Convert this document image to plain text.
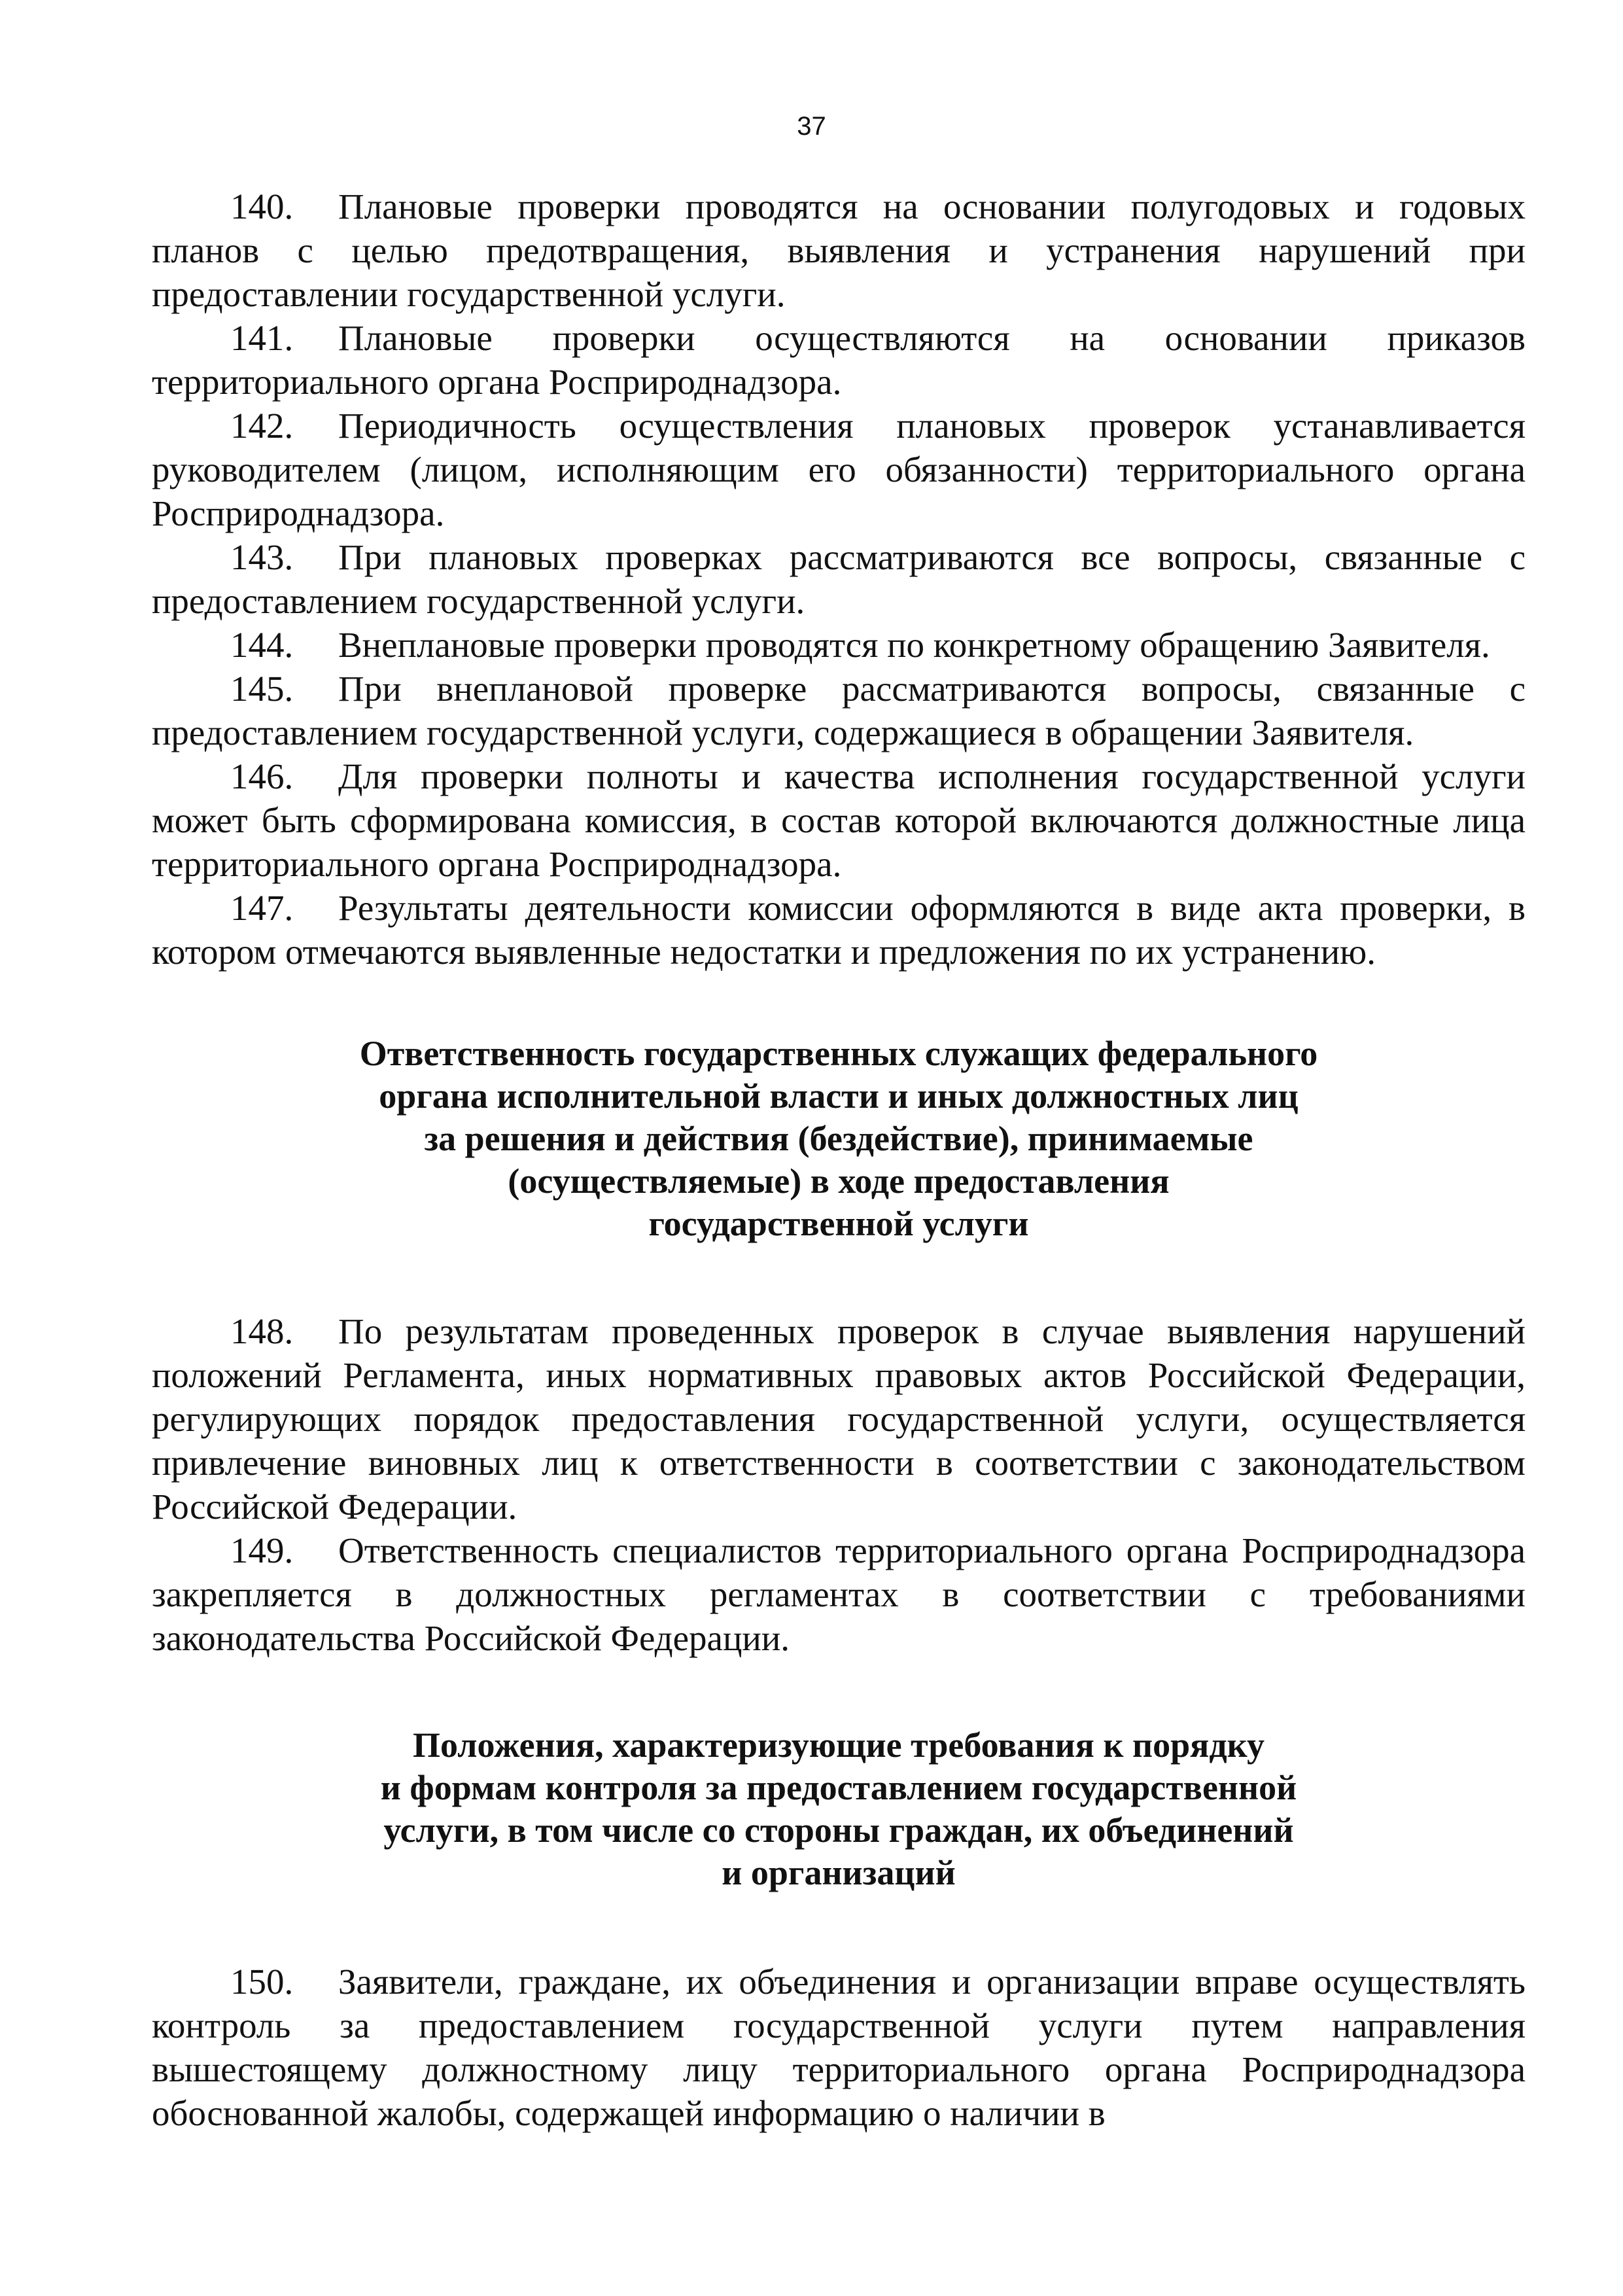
37

140. Плановые проверки проводятся на основании полугодовых и годовых планов с целью предотвращения, выявления и устранения нарушений при предоставлении государственной услуги.

141. Плановые проверки осуществляются на основании приказов территориального органа Росприроднадзора.

142. Периодичность осуществления плановых проверок устанавливается руководителем (лицом, исполняющим его обязанности) территориального органа Росприроднадзора.

143. При плановых проверках рассматриваются все вопросы, связанные с предоставлением государственной услуги.

144. Внеплановые проверки проводятся по конкретному обращению Заявителя.

145. При внеплановой проверке рассматриваются вопросы, связанные с предоставлением государственной услуги, содержащиеся в обращении Заявителя.

146. Для проверки полноты и качества исполнения государственной услуги может быть сформирована комиссия, в состав которой включаются должностные лица территориального органа Росприроднадзора.

147. Результаты деятельности комиссии оформляются в виде акта проверки, в котором отмечаются выявленные недостатки и предложения по их устранению.

Ответственность государственных служащих федерального
органа исполнительной власти и иных должностных лиц
за решения и действия (бездействие), принимаемые
(осуществляемые) в ходе предоставления
государственной услуги

148. По результатам проведенных проверок в случае выявления нарушений положений Регламента, иных нормативных правовых актов Российской Федерации, регулирующих порядок предоставления государственной услуги, осуществляется привлечение виновных лиц к ответственности в соответствии с законодательством Российской Федерации.

149. Ответственность специалистов территориального органа Росприроднадзора закрепляется в должностных регламентах в соответствии с требованиями законодательства Российской Федерации.

Положения, характеризующие требования к порядку
и формам контроля за предоставлением государственной
услуги, в том числе со стороны граждан, их объединений
и организаций

150. Заявители, граждане, их объединения и организации вправе осуществлять контроль за предоставлением государственной услуги путем направления вышестоящему должностному лицу территориального органа Росприроднадзора обоснованной жалобы, содержащей информацию о наличии в
